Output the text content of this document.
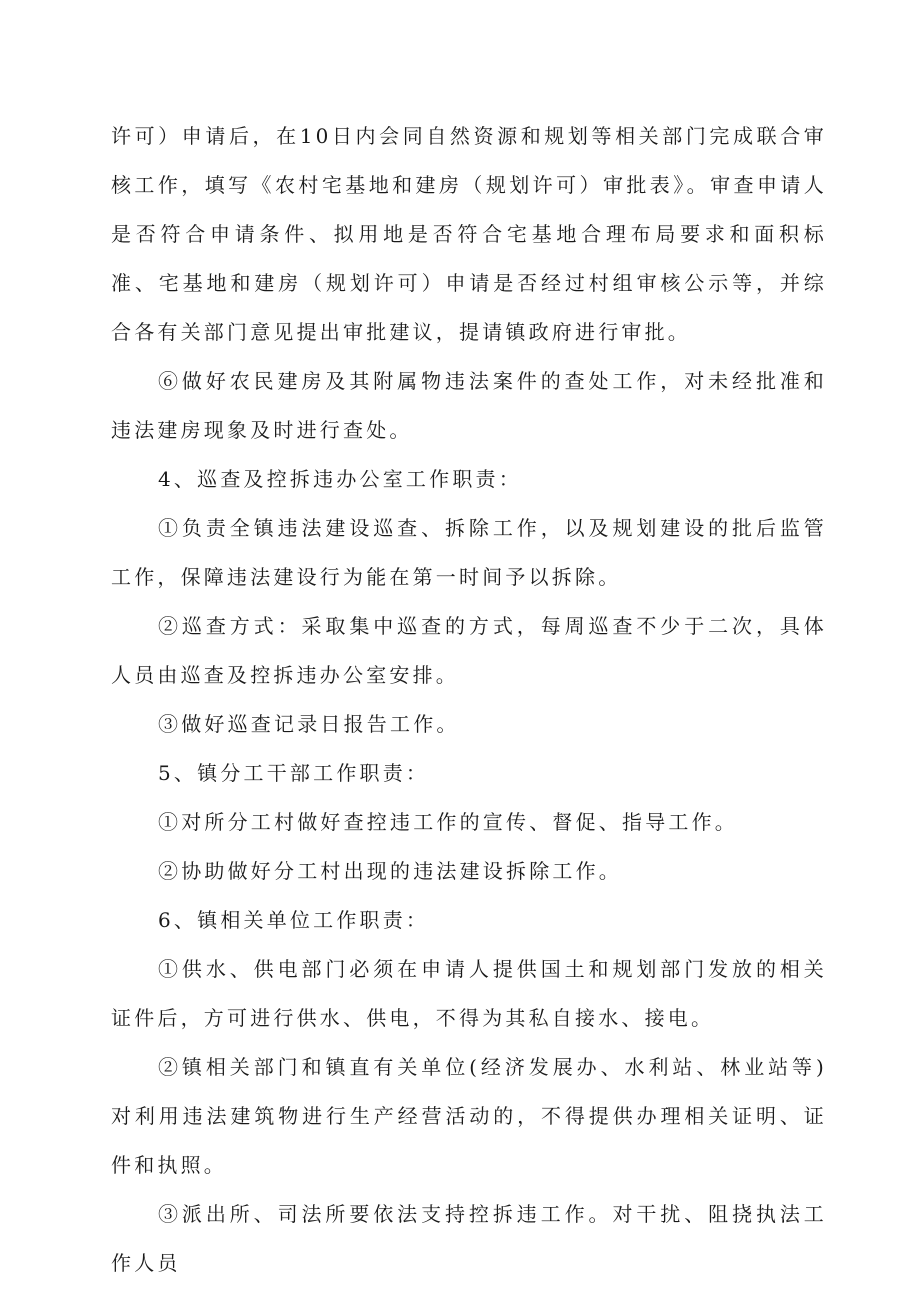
许可）申请后，在10日内会同自然资源和规划等相关部门完成联合审核工作，填写《农村宅基地和建房（规划许可）审批表》。审查申请人是否符合申请条件、拟用地是否符合宅基地合理布局要求和面积标准、宅基地和建房（规划许可）申请是否经过村组审核公示等，并综合各有关部门意见提出审批建议，提请镇政府进行审批。

⑥做好农民建房及其附属物违法案件的查处工作，对未经批准和违法建房现象及时进行查处。

4、巡查及控拆违办公室工作职责：

①负责全镇违法建设巡查、拆除工作，以及规划建设的批后监管工作，保障违法建设行为能在第一时间予以拆除。

②巡查方式：采取集中巡查的方式，每周巡查不少于二次，具体人员由巡查及控拆违办公室安排。

③做好巡查记录日报告工作。

5、镇分工干部工作职责：

①对所分工村做好查控违工作的宣传、督促、指导工作。

②协助做好分工村出现的违法建设拆除工作。

6、镇相关单位工作职责：

①供水、供电部门必须在申请人提供国土和规划部门发放的相关证件后，方可进行供水、供电，不得为其私自接水、接电。

②镇相关部门和镇直有关单位(经济发展办、水利站、林业站等)对利用违法建筑物进行生产经营活动的，不得提供办理相关证明、证件和执照。

③派出所、司法所要依法支持控拆违工作。对干扰、阻挠执法工作人员
